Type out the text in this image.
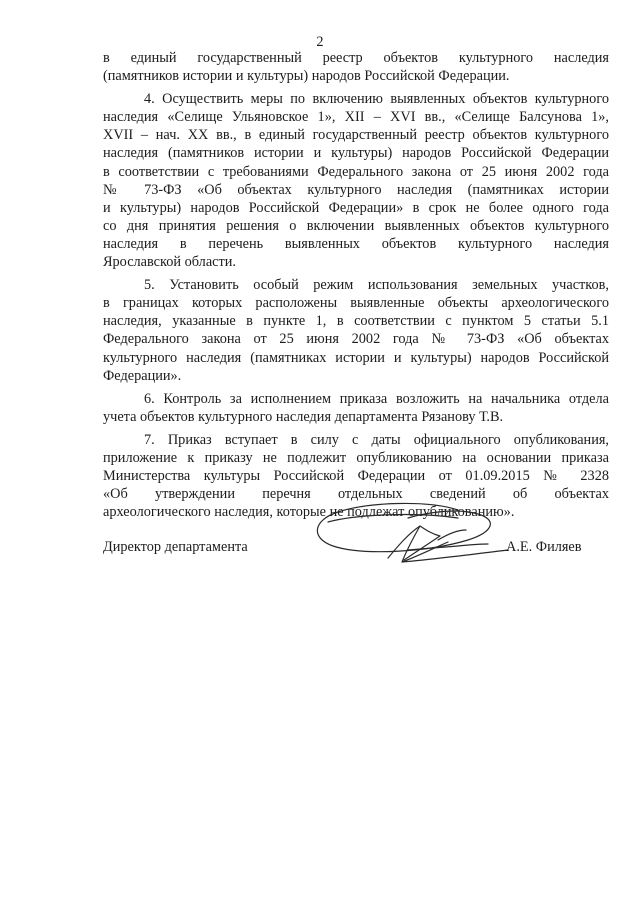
2
в единый государственный реестр объектов культурного наследия
(памятников истории и культуры) народов Российской Федерации.
4. Осуществить меры по включению выявленных объектов культурного
наследия «Селище Ульяновское 1», XII – XVI вв., «Селище Балсунова 1»,
XVII – нач. XX вв., в единый государственный реестр объектов культурного
наследия (памятников истории и культуры) народов Российской Федерации
в соответствии с требованиями Федерального закона от 25 июня 2002 года
№ 73-ФЗ «Об объектах культурного наследия (памятниках истории
и культуры) народов Российской Федерации» в срок не более одного года
со дня принятия решения о включении выявленных объектов культурного
наследия в перечень выявленных объектов культурного наследия
Ярославской области.
5. Установить особый режим использования земельных участков,
в границах которых расположены выявленные объекты археологического
наследия, указанные в пункте 1, в соответствии с пунктом 5 статьи 5.1
Федерального закона от 25 июня 2002 года № 73-ФЗ «Об объектах
культурного наследия (памятниках истории и культуры) народов Российской
Федерации».
6. Контроль за исполнением приказа возложить на начальника отдела
учета объектов культурного наследия департамента Рязанову Т.В.
7. Приказ вступает в силу с даты официального опубликования,
приложение к приказу не подлежит опубликованию на основании приказа
Министерства культуры Российской Федерации от 01.09.2015 № 2328
«Об утверждении перечня отдельных сведений об объектах
археологического наследия, которые не подлежат опубликованию».
Директор департамента	А.Е. Филяев
